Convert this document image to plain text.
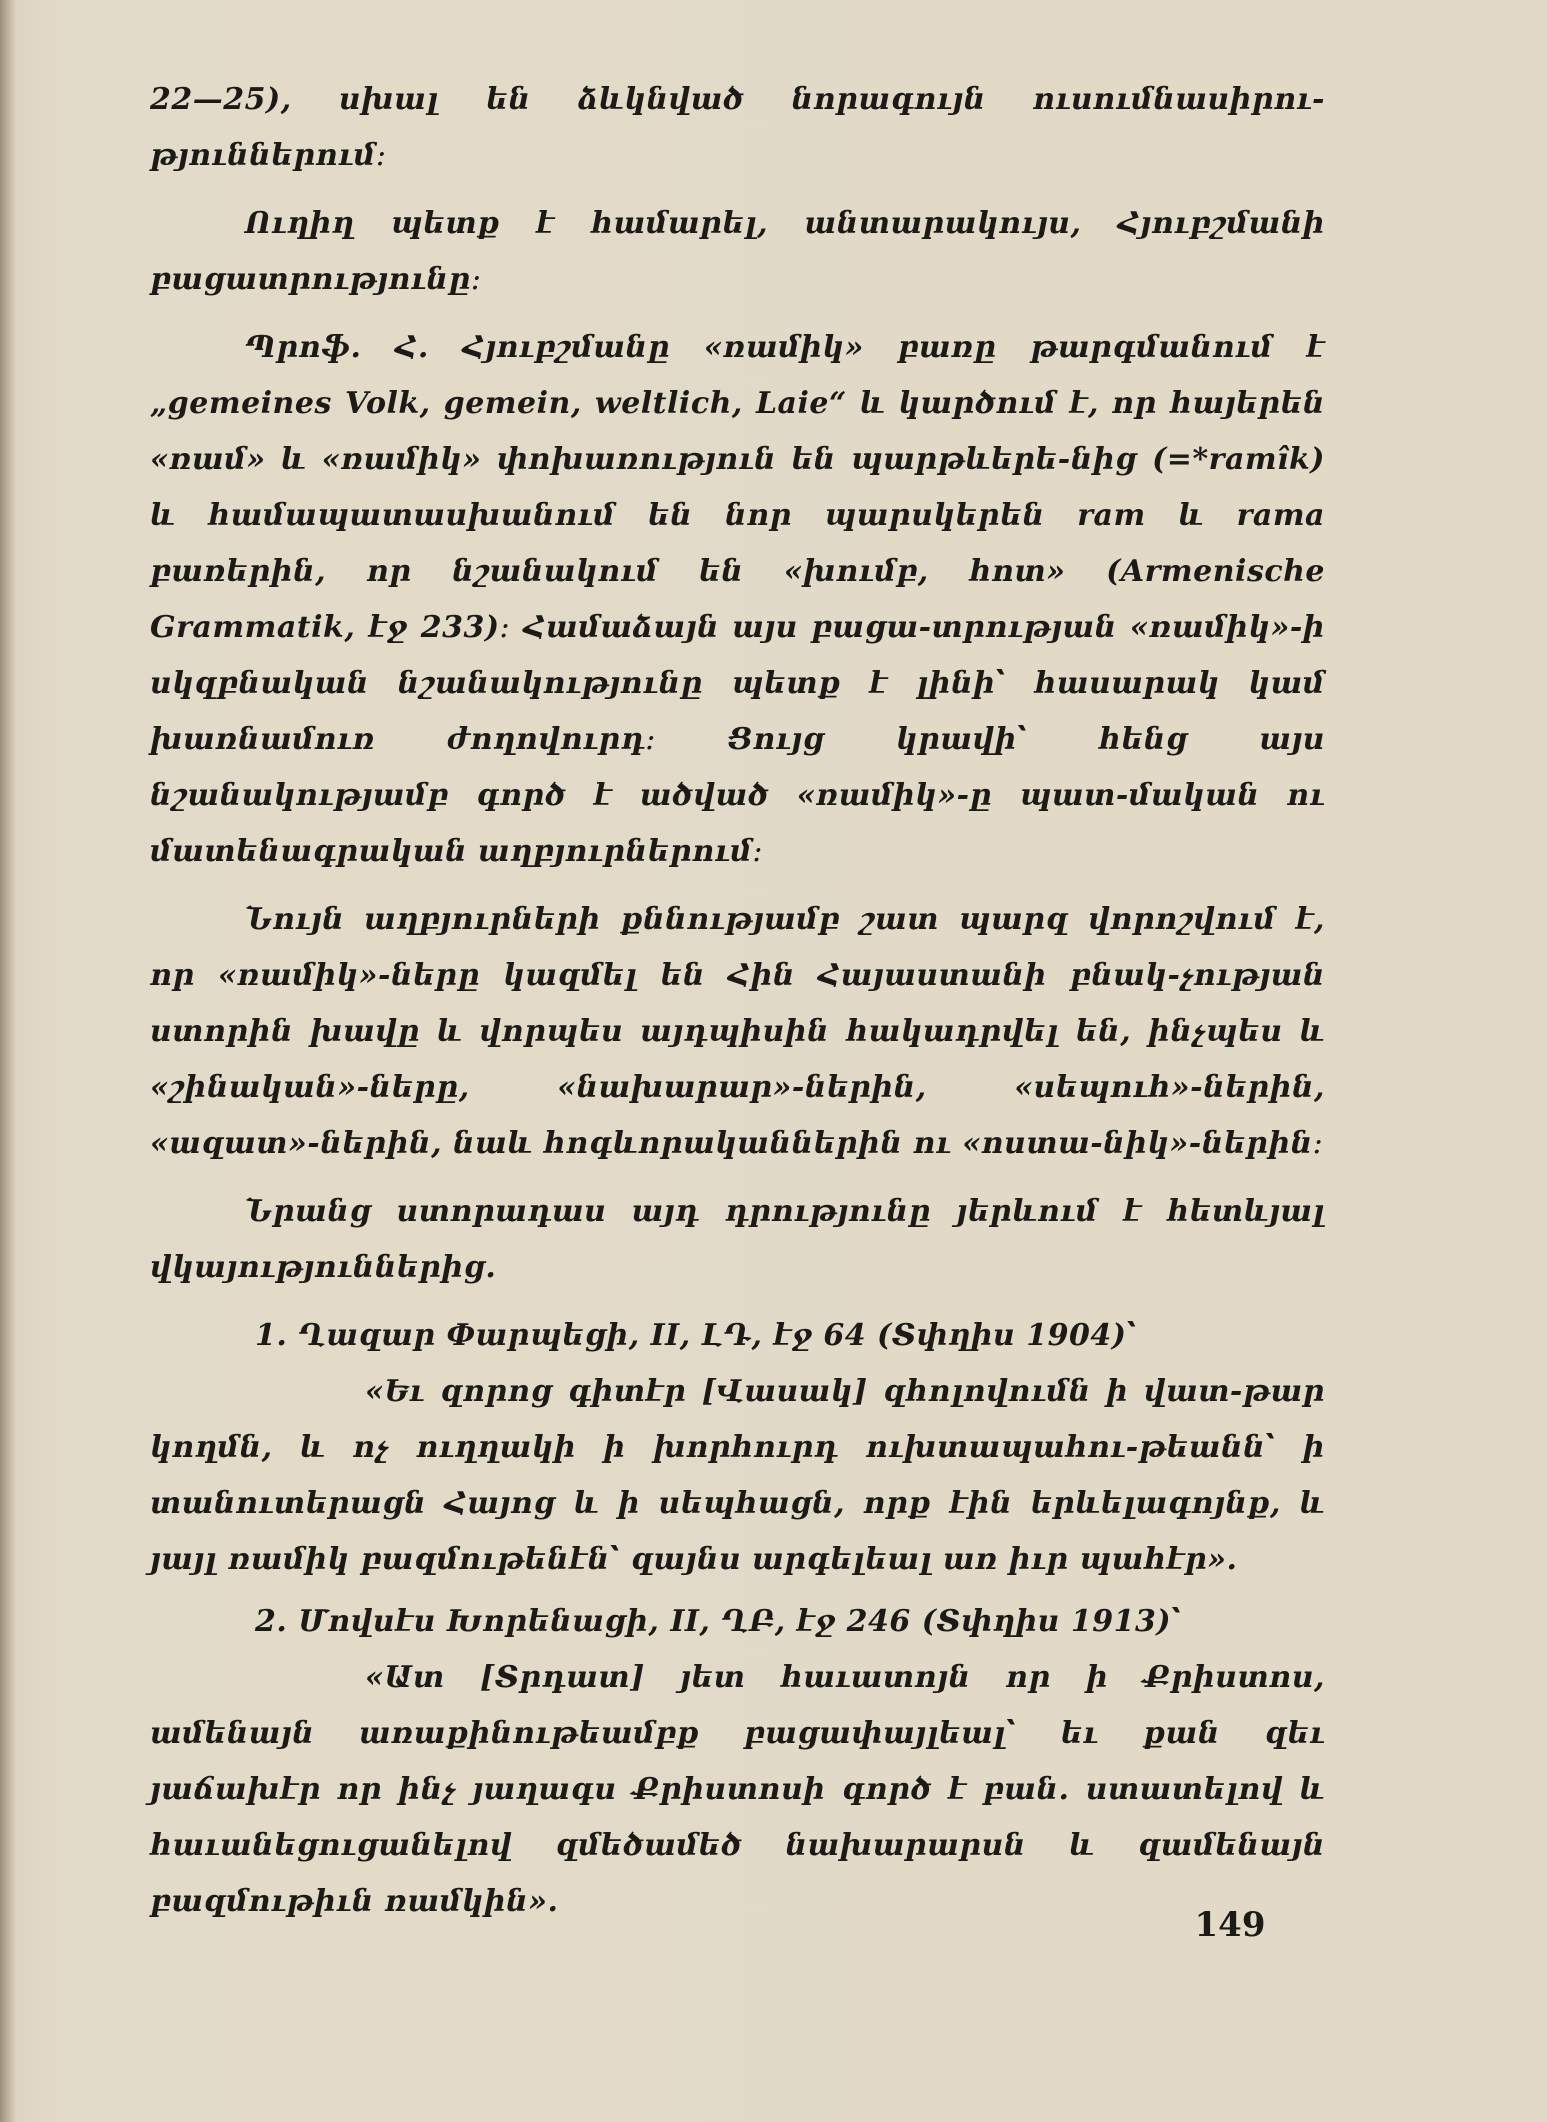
22—25), սխալ են ձևկնված նորագույն ուսումնասիրու-թյուններում։

Ուղիղ պետք է համարել, անտարակույս, Հյուբշմանի բացատրությունը։

Պրոֆ. Հ. Հյուբշմանը «ռամիկ» բառը թարգմանում է „gemeines Volk, gemein, weltlich, Laie“ և կարծում է, որ հայերեն «ռամ» և «ռամիկ» փոխառություն են պարթևերե-նից (=*ramîk) և համապատասխանում են նոր պարսկերեն ram և rama բառերին, որ նշանակում են «խումբ, հոտ» (Armenische Grammatik, էջ 233)։ Համաձայն այս բացա-տրության «ռամիկ»-ի սկզբնական նշանակությունը պետք է լինի՝ հասարակ կամ խառնամուռ ժողովուրդ։ Ցույց կրավի՝ հենց այս նշանակությամբ գործ է ածված «ռամիկ»-ը պատ-մական ու մատենագրական աղբյուրներում։

Նույն աղբյուրների քննությամբ շատ պարզ վորոշվում է, որ «ռամիկ»-ները կազմել են Հին Հայաստանի բնակ-չության ստորին խավը և վորպես այդպիսին հակադրվել են, ինչպես և «շինական»-ները, «նախարար»-ներին, «սեպուհ»-ներին, «ազատ»-ներին, նաև հոգևորականներին ու «ոստա-նիկ»-ներին։

Նրանց ստորադաս այդ դրությունը յերևում է հետևյալ վկայություններից.

1. Ղազար Փարպեցի, II, ԼԴ, էջ 64 (Տփղիս 1904)՝

«Եւ զորոց գիտէր [Վասակ] զհոլովումն ի վատ-թար կողմն, և ոչ ուղղակի ի խորհուրդ ուխտապահու-թեանն՝ ի տանուտերացն Հայոց և ի սեպհացն, որք էին երևելագոյնք, և յայլ ռամիկ բազմութենէն՝ զայնս արգելեալ առ իւր պահէր».

2. Մովսէս Խորենացի, II, ՂԲ, էջ 246 (Տփղիս 1913)՝

«Ատ [Տրդատ] յետ հաւատոյն որ ի Քրիստոս, ամենայն առաքինութեամբք բացափայլեալ՝ եւ քան զեւ յաճախէր որ ինչ յաղագս Քրիստոսի գործ է բան. ստատելով և հաւանեցուցանելով զմեծամեծ նախարարսն և զամենայն բազմութիւն ռամկին».

149
